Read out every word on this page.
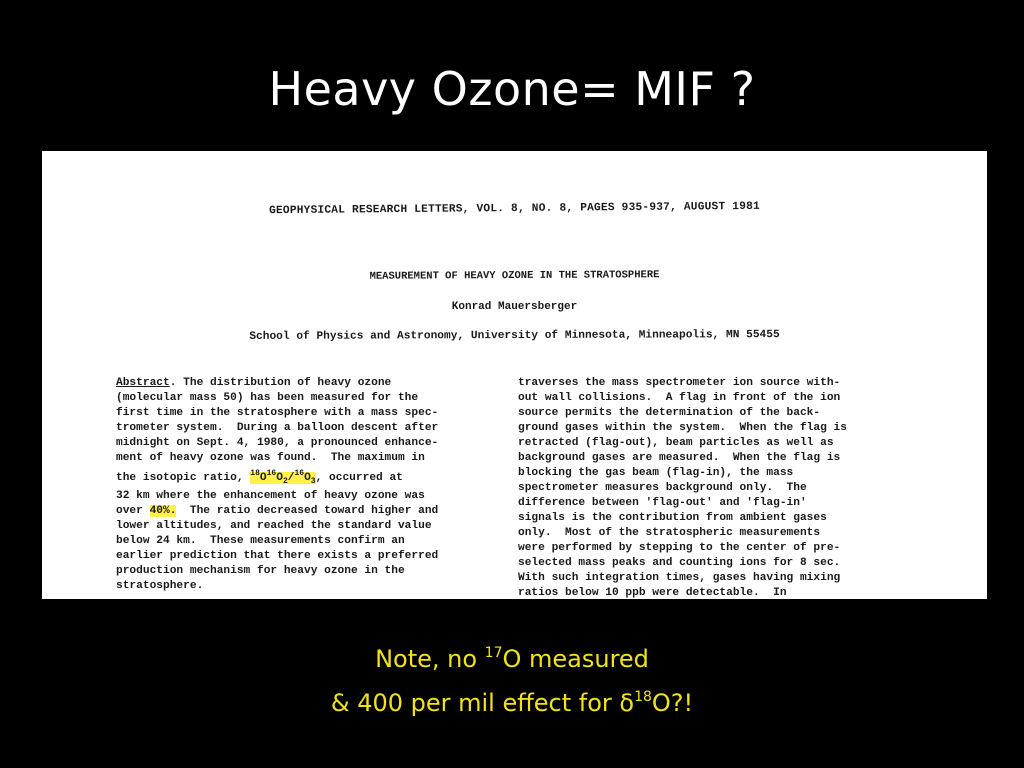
Heavy Ozone= MIF ?
GEOPHYSICAL RESEARCH LETTERS, VOL. 8, NO. 8, PAGES 935-937, AUGUST 1981
MEASUREMENT OF HEAVY OZONE IN THE STRATOSPHERE
Konrad Mauersberger
School of Physics and Astronomy, University of Minnesota, Minneapolis, MN 55455
Abstract. The distribution of heavy ozone
(molecular mass 50) has been measured for the
first time in the stratosphere with a mass spec-
trometer system.  During a balloon descent after
midnight on Sept. 4, 1980, a pronounced enhance-
ment of heavy ozone was found.  The maximum in
the isotopic ratio, $^{18}O^{16}O_2/^{16}O_3$, occurred at
32 km where the enhancement of heavy ozone was
over 40%.  The ratio decreased toward higher and
lower altitudes, and reached the standard value
below 24 km.  These measurements confirm an
earlier prediction that there exists a preferred
production mechanism for heavy ozone in the
stratosphere.
traverses the mass spectrometer ion source with-
out wall collisions.  A flag in front of the ion
source permits the determination of the back-
ground gases within the system.  When the flag is
retracted (flag-out), beam particles as well as
background gases are measured.  When the flag is
blocking the gas beam (flag-in), the mass
spectrometer measures background only.  The
difference between 'flag-out' and 'flag-in'
signals is the contribution from ambient gases
only.  Most of the stratospheric measurements
were performed by stepping to the center of pre-
selected mass peaks and counting ions for 8 sec.
With such integration times, gases having mixing
ratios below 10 ppb were detectable.  In
Note, no $^{17}$O measured
& 400 per mil effect for $\delta^{18}O$?!
